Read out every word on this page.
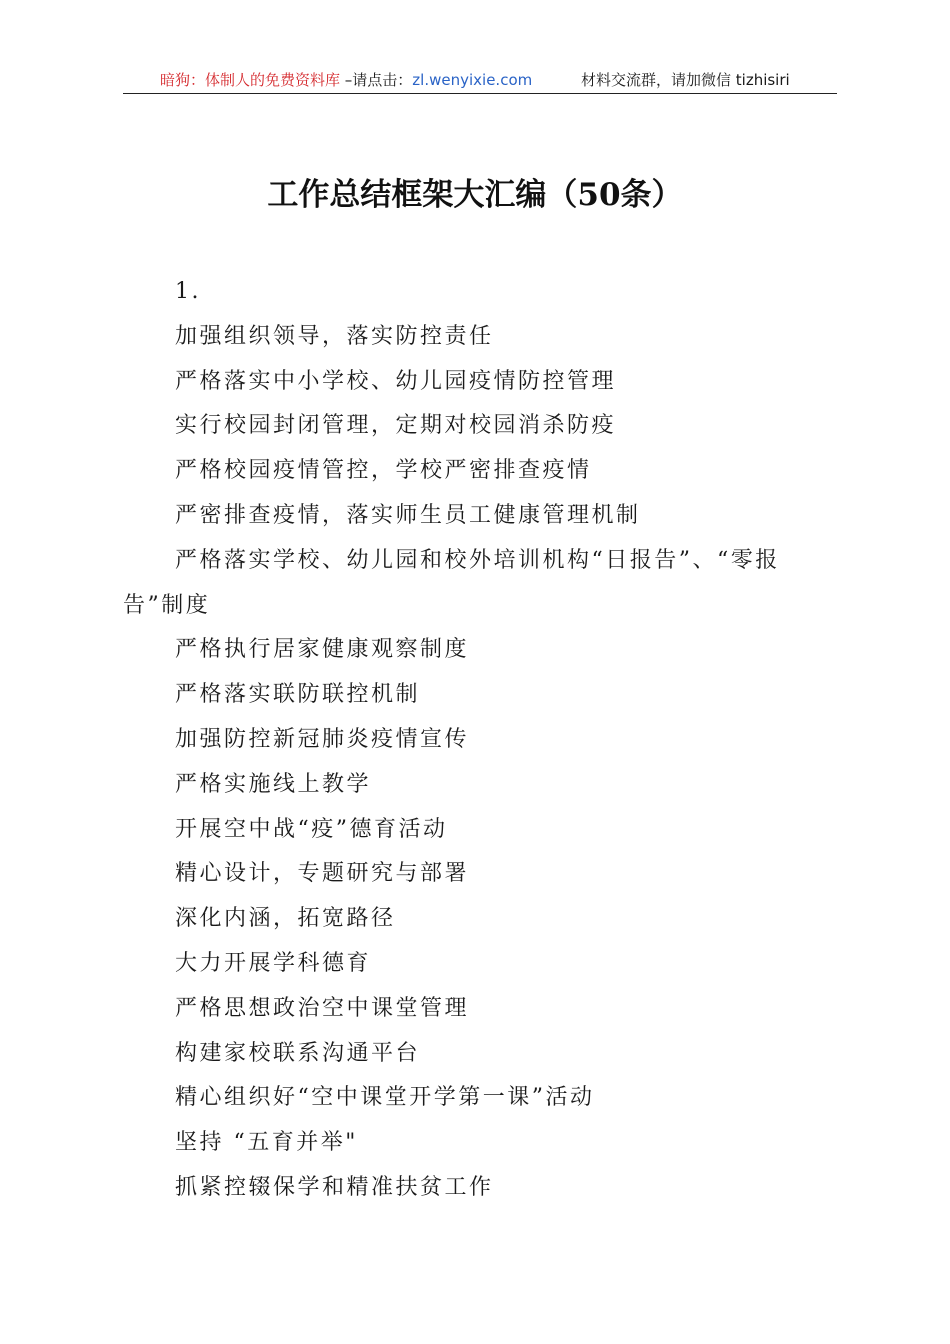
暗狗：体制人的免费资料库 –请点击：zl.wenyixie.com	材料交流群，请加微信 tizhisiri
工作总结框架大汇编（50条）

1.

加强组织领导，落实防控责任

严格落实中小学校、幼儿园疫情防控管理

实行校园封闭管理，定期对校园消杀防疫

严格校园疫情管控，学校严密排查疫情

严密排查疫情，落实师生员工健康管理机制

严格落实学校、幼儿园和校外培训机构“日报告”、“零报告”制度

严格执行居家健康观察制度

严格落实联防联控机制

加强防控新冠肺炎疫情宣传

严格实施线上教学

开展空中战“疫”德育活动

精心设计，专题研究与部署

深化内涵，拓宽路径

大力开展学科德育

严格思想政治空中课堂管理

构建家校联系沟通平台

精心组织好“空中课堂开学第一课”活动

坚持 “五育并举"

抓紧控辍保学和精准扶贫工作
